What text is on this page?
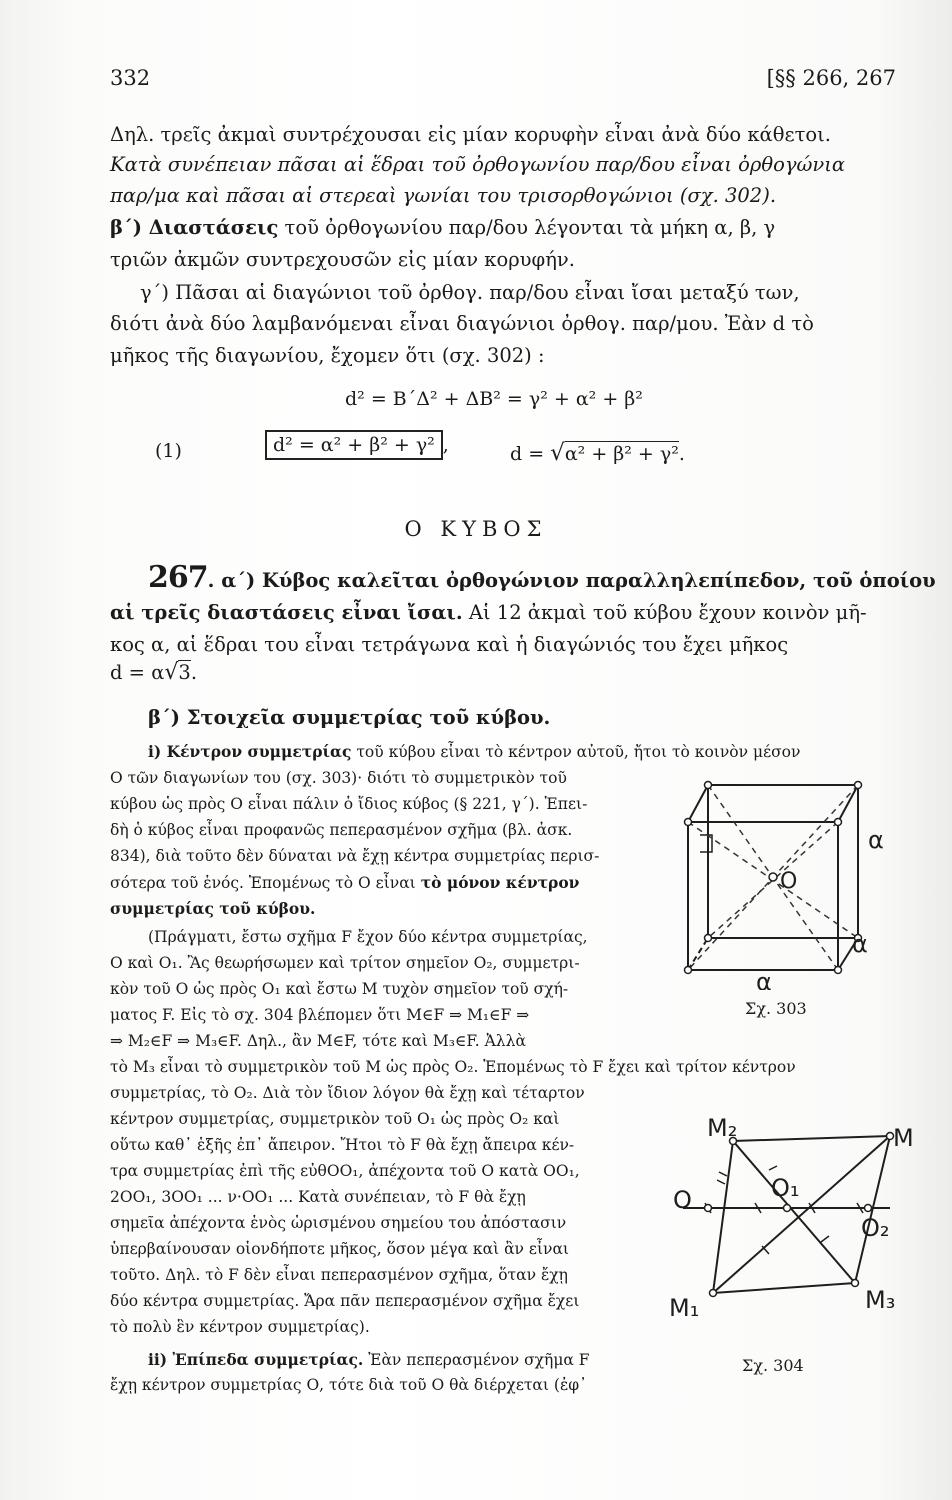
332	[§§ 266, 267
Δηλ. τρεῖς ἀκμαὶ συντρέχουσαι εἰς μίαν κορυφὴν εἶναι ἀνὰ δύο κάθετοι.
Κατὰ συνέπειαν πᾶσαι αἱ ἕδραι τοῦ ὀρθογωνίου παρ/δου εἶναι ὀρθογώνια
παρ/μα καὶ πᾶσαι αἱ στερεαὶ γωνίαι του τρισορθογώνιοι (σχ. 302).
β΄) Διαστάσεις τοῦ ὀρθογωνίου παρ/δου λέγονται τὰ μήκη α, β, γ
τριῶν ἀκμῶν συντρεχουσῶν εἰς μίαν κορυφήν.
γ΄) Πᾶσαι αἱ διαγώνιοι τοῦ ὀρθογ. παρ/δου εἶναι ἴσαι μεταξύ των,
διότι ἀνὰ δύο λαμβανόμεναι εἶναι διαγώνιοι ὀρθογ. παρ/μου. Ἐὰν d τὸ
μῆκος τῆς διαγωνίου, ἔχομεν ὅτι (σχ. 302) :
d² = Β΄Δ² + ΔΒ² = γ² + α² + β²
(1)	d² = α² + β² + γ² ,	d = √α² + β² + γ².
Ο ΚΥΒΟΣ
267. α΄) Κύβος καλεῖται ὀρθογώνιον παραλληλεπίπεδον, τοῦ ὁποίου
αἱ τρεῖς διαστάσεις εἶναι ἴσαι. Αἱ 12 ἀκμαὶ τοῦ κύβου ἔχουν κοινὸν μῆ-
κος α, αἱ ἕδραι του εἶναι τετράγωνα καὶ ἡ διαγώνιός του ἔχει μῆκος
d = α√3.
β΄) Στοιχεῖα συμμετρίας τοῦ κύβου.
i) Κέντρον συμμετρίας τοῦ κύβου εἶναι τὸ κέντρον αὐτοῦ, ἤτοι τὸ κοινὸν μέσον
Ο τῶν διαγωνίων του (σχ. 303)· διότι τὸ συμμετρικὸν τοῦ
κύβου ὡς πρὸς Ο εἶναι πάλιν ὁ ἴδιος κύβος (§ 221, γ΄). Ἐπει-
δὴ ὁ κύβος εἶναι προφανῶς πεπερασμένον σχῆμα (βλ. ἀσκ.
834), διὰ τοῦτο δὲν δύναται νὰ ἔχῃ κέντρα συμμετρίας περισ-
σότερα τοῦ ἑνός. Ἑπομένως τὸ Ο εἶναι τὸ μόνον κέντρον
συμμετρίας τοῦ κύβου.
(Πράγματι, ἔστω σχῆμα F ἔχον δύο κέντρα συμμετρίας,
Ο καὶ Ο₁. Ἂς θεωρήσωμεν καὶ τρίτον σημεῖον Ο₂, συμμετρι-
κὸν τοῦ Ο ὡς πρὸς Ο₁ καὶ ἔστω Μ τυχὸν σημεῖον τοῦ σχή-
ματος F. Εἰς τὸ σχ. 304 βλέπομεν ὅτι Μ∈F ⇒ Μ₁∈F ⇒
⇒ Μ₂∈F ⇒ Μ₃∈F. Δηλ., ἂν Μ∈F, τότε καὶ Μ₃∈F. Ἀλλὰ
τὸ Μ₃ εἶναι τὸ συμμετρικὸν τοῦ Μ ὡς πρὸς Ο₂. Ἑπομένως τὸ F ἔχει καὶ τρίτον κέντρον
συμμετρίας, τὸ Ο₂. Διὰ τὸν ἴδιον λόγον θὰ ἔχῃ καὶ τέταρτον
κέντρον συμμετρίας, συμμετρικὸν τοῦ Ο₁ ὡς πρὸς Ο₂ καὶ
οὕτω καθ᾿ ἑξῆς ἐπ᾿ ἄπειρον. Ἤτοι τὸ F θὰ ἔχῃ ἄπειρα κέν-
τρα συμμετρίας ἐπὶ τῆς εὐθΟΟ₁, ἀπέχοντα τοῦ Ο κατὰ ΟΟ₁,
2ΟΟ₁, 3ΟΟ₁ ... ν·ΟΟ₁ ... Κατὰ συνέπειαν, τὸ F θὰ ἔχῃ
σημεῖα ἀπέχοντα ἑνὸς ὡρισμένου σημείου του ἀπόστασιν
ὑπερβαίνουσαν οἱονδήποτε μῆκος, ὅσον μέγα καὶ ἂν εἶναι
τοῦτο. Δηλ. τὸ F δὲν εἶναι πεπερασμένον σχῆμα, ὅταν ἔχῃ
δύο κέντρα συμμετρίας. Ἄρα πᾶν πεπερασμένον σχῆμα ἔχει
τὸ πολὺ ἓν κέντρον συμμετρίας).
ii) Ἐπίπεδα συμμετρίας. Ἐὰν πεπερασμένον σχῆμα F
ἔχῃ κέντρον συμμετρίας Ο, τότε διὰ τοῦ Ο θὰ διέρχεται (ἐφ᾿
Ο
α
α
α
Σχ. 303
O	O₁
O₂
M₂	M
M₁	M₃
Σχ. 304
